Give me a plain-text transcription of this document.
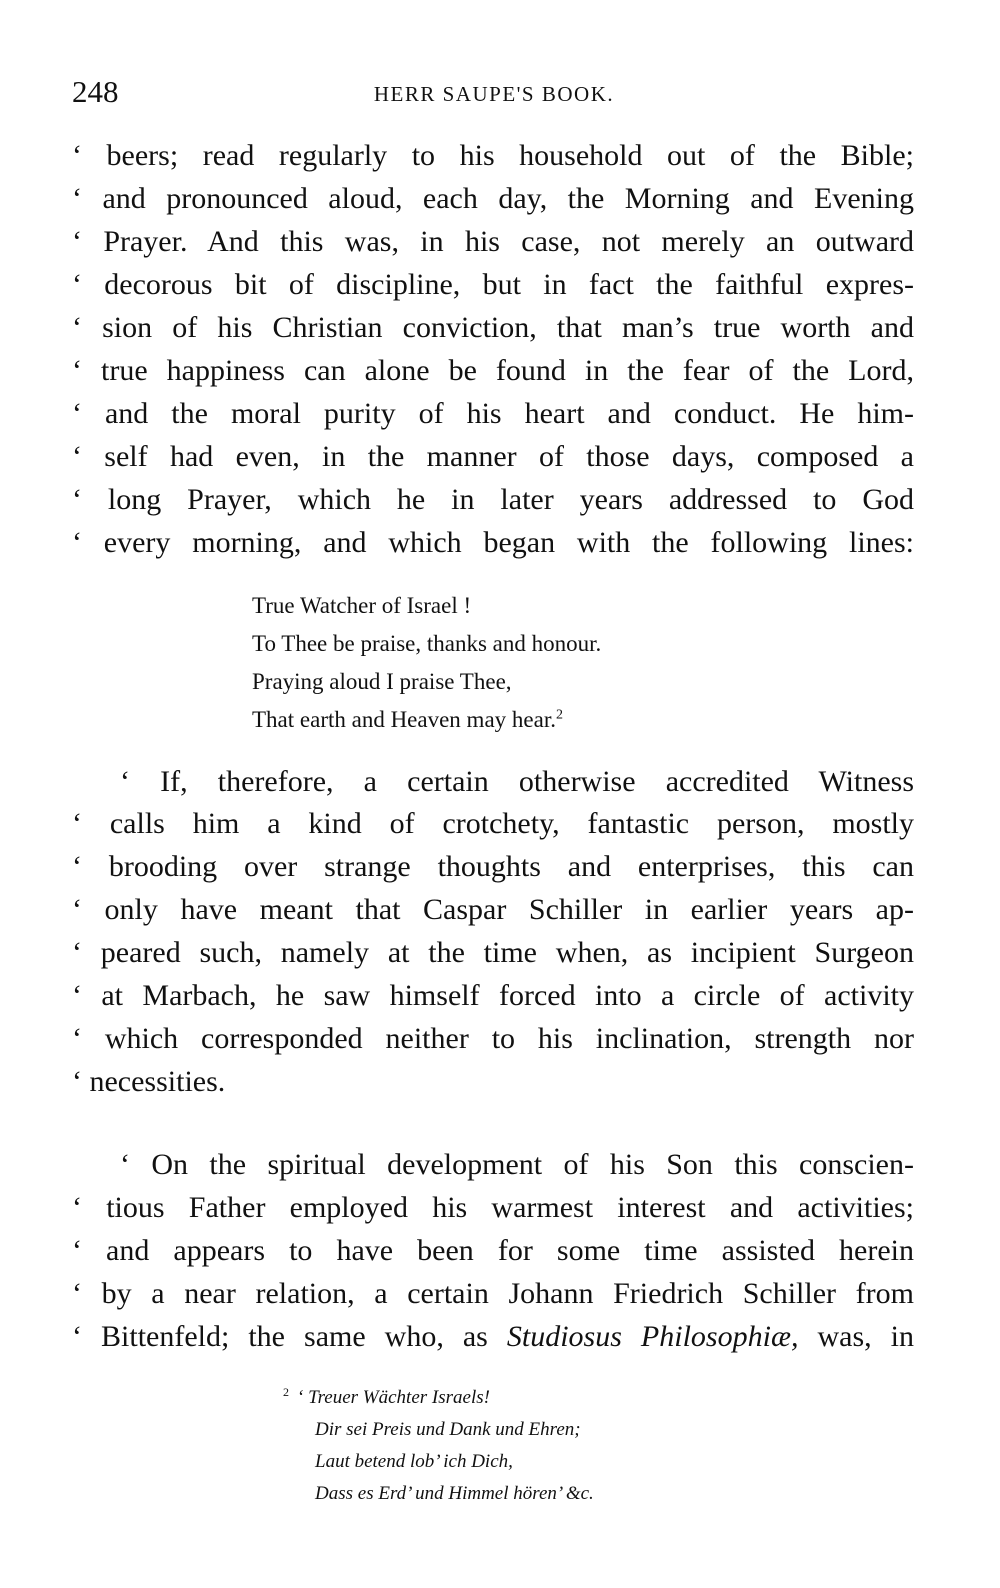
248	HERR SAUPE'S BOOK.
‘ beers; read regularly to his household out of the Bible;
‘ and pronounced aloud, each day, the Morning and Evening
‘ Prayer. And this was, in his case, not merely an outward
‘ decorous bit of discipline, but in fact the faithful expres-
‘ sion of his Christian conviction, that man’s true worth and
‘ true happiness can alone be found in the fear of the Lord,
‘ and the moral purity of his heart and conduct. He him-
‘ self had even, in the manner of those days, composed a
‘ long Prayer, which he in later years addressed to God
‘ every morning, and which began with the following lines:
True Watcher of Israel !
To Thee be praise, thanks and honour.
Praying aloud I praise Thee,
That earth and Heaven may hear.$^2$
‘ If, therefore, a certain otherwise accredited Witness
‘ calls him a kind of crotchety, fantastic person, mostly
‘ brooding over strange thoughts and enterprises, this can
‘ only have meant that Caspar Schiller in earlier years ap-
‘ peared such, namely at the time when, as incipient Surgeon
‘ at Marbach, he saw himself forced into a circle of activity
‘ which corresponded neither to his inclination, strength nor
‘ necessities.
‘ On the spiritual development of his Son this conscien-
‘ tious Father employed his warmest interest and activities;
‘ and appears to have been for some time assisted herein
‘ by a near relation, a certain Johann Friedrich Schiller from
‘ Bittenfeld; the same who, as Studiosus Philosophiæ, was, in
$^2$ ‘ Treuer Wächter Israels!
Dir sei Preis und Dank und Ehren;
Laut betend lob’ ich Dich,
Dass es Erd’ und Himmel hören’ &c.
